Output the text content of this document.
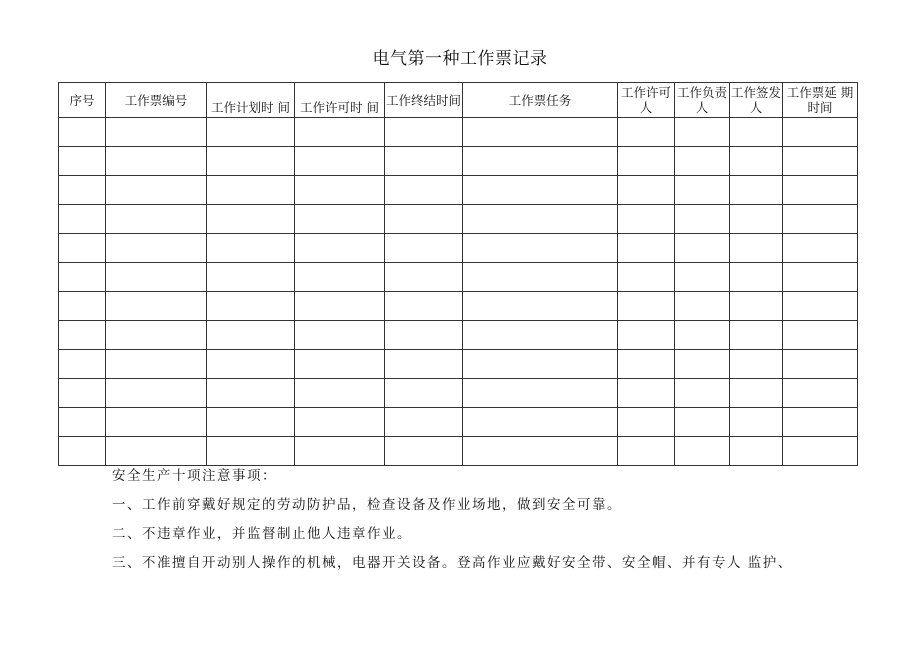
电气第一种工作票记录
序号	工作票编号	工作计划时 间	工作许可时 间	工作终结时间	工作票任务	工作许可人	工作负责人	工作签发人	工作票延 期时间

安全生产十项注意事项：

一、工作前穿戴好规定的劳动防护品，检查设备及作业场地，做到安全可靠。

二、不违章作业，并监督制止他人违章作业。

三、不准擅自开动别人操作的机械，电器开关设备。登高作业应戴好安全带、安全帽、并有专人 监护、
